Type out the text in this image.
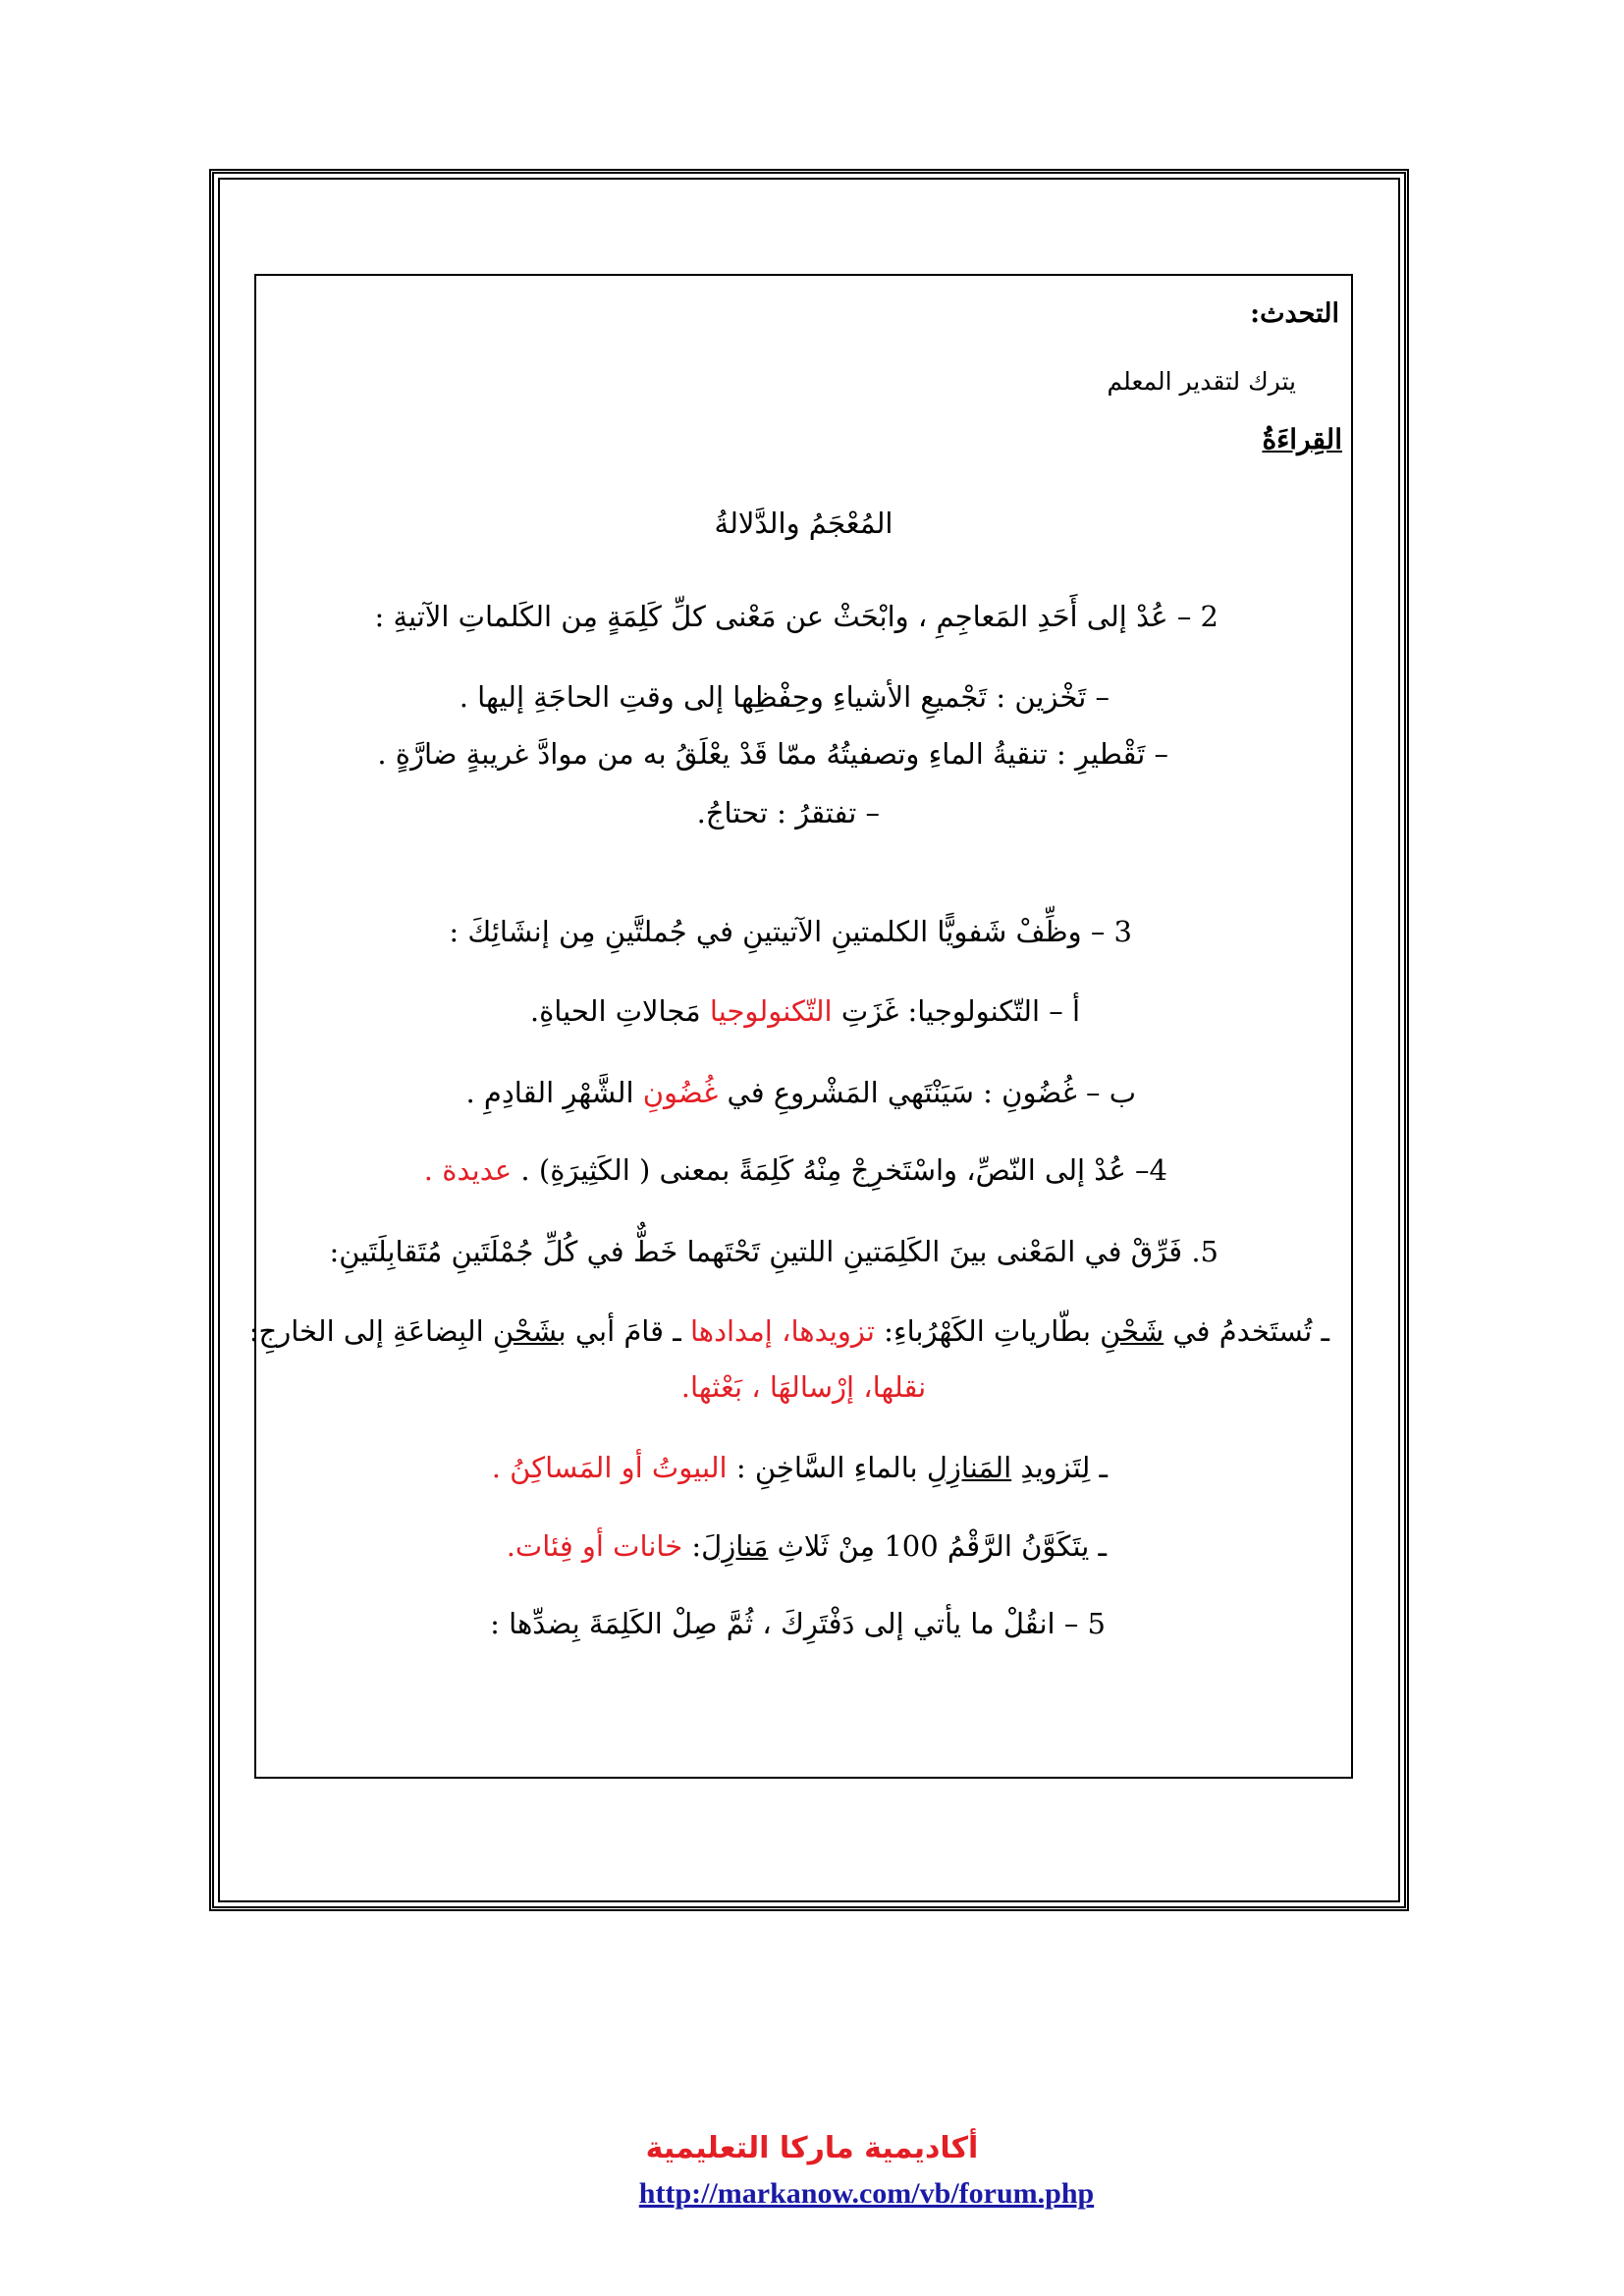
التحدث:
يترك لتقدير المعلم
القِراءَةُ
المُعْجَمُ والدَّلالةُ
2 – عُدْ إلى أَحَدِ المَعاجِمِ ، وابْحَثْ عن مَعْنى كلِّ كَلِمَةٍ مِن الكَلماتِ الآتيةِ :
– تَخْزين : تَجْميعِ الأشياءِ وحِفْظِها إلى وقتِ الحاجَةِ إليها .
– تَقْطيرِ : تنقيةُ الماءِ وتصفيتُهُ ممّا قَدْ يعْلَقُ به من موادَّ غريبةٍ ضارَّةٍ .
– تفتقرُ : تحتاجُ.
3 – وظِّفْ شَفويًّا الكلمتينِ الآتيتينِ في جُملتَّينِ مِن إنشَائِكَ :
أ – التّكنولوجيا: غَزَتِ التّكنولوجيا مَجالاتِ الحياةِ.
ب – غُضُونِ : سَيَنْتَهي المَشْروعِ في غُضُونِ الشَّهْرِ القادِمِ .
4– عُدْ إلى النّصِّ، واسْتَخرِجْ مِنْهُ كَلِمَةً بمعنى ( الكَثِيرَةِ) . عديدة .
5. فَرِّقْ في المَعْنى بينَ الكَلِمَتينِ اللتينِ تَحْتَهما خَطٌّ في كُلِّ جُمْلَتَينِ مُتَقابِلَتَينِ:
ـ تُستَخدمُ في شَحْنِ بطّارياتِ الكَهْرُباءِ: تزويدها، إمدادها ـ قامَ أبي بشَحْنِ البِضاعَةِ إلى الخارجِ:
نقلها، إرْسالهَا ، بَعْثها.
ـ لِتَزويدِ المَنازِلِ بالماءِ السَّاخِنِ : البيوتُ أو المَساكِنُ .
ـ يتَكَوَّنُ الرَّقْمُ 100 مِنْ ثَلاثِ مَنازِلَ: خانات أو فِئات.
5 – انقُلْ ما يأتي إلى دَفْتَرِكَ ، ثُمَّ صِلْ الكَلِمَةَ بِضدِّها :
أكاديمية ماركا التعليمية
http://markanow.com/vb/forum.php
